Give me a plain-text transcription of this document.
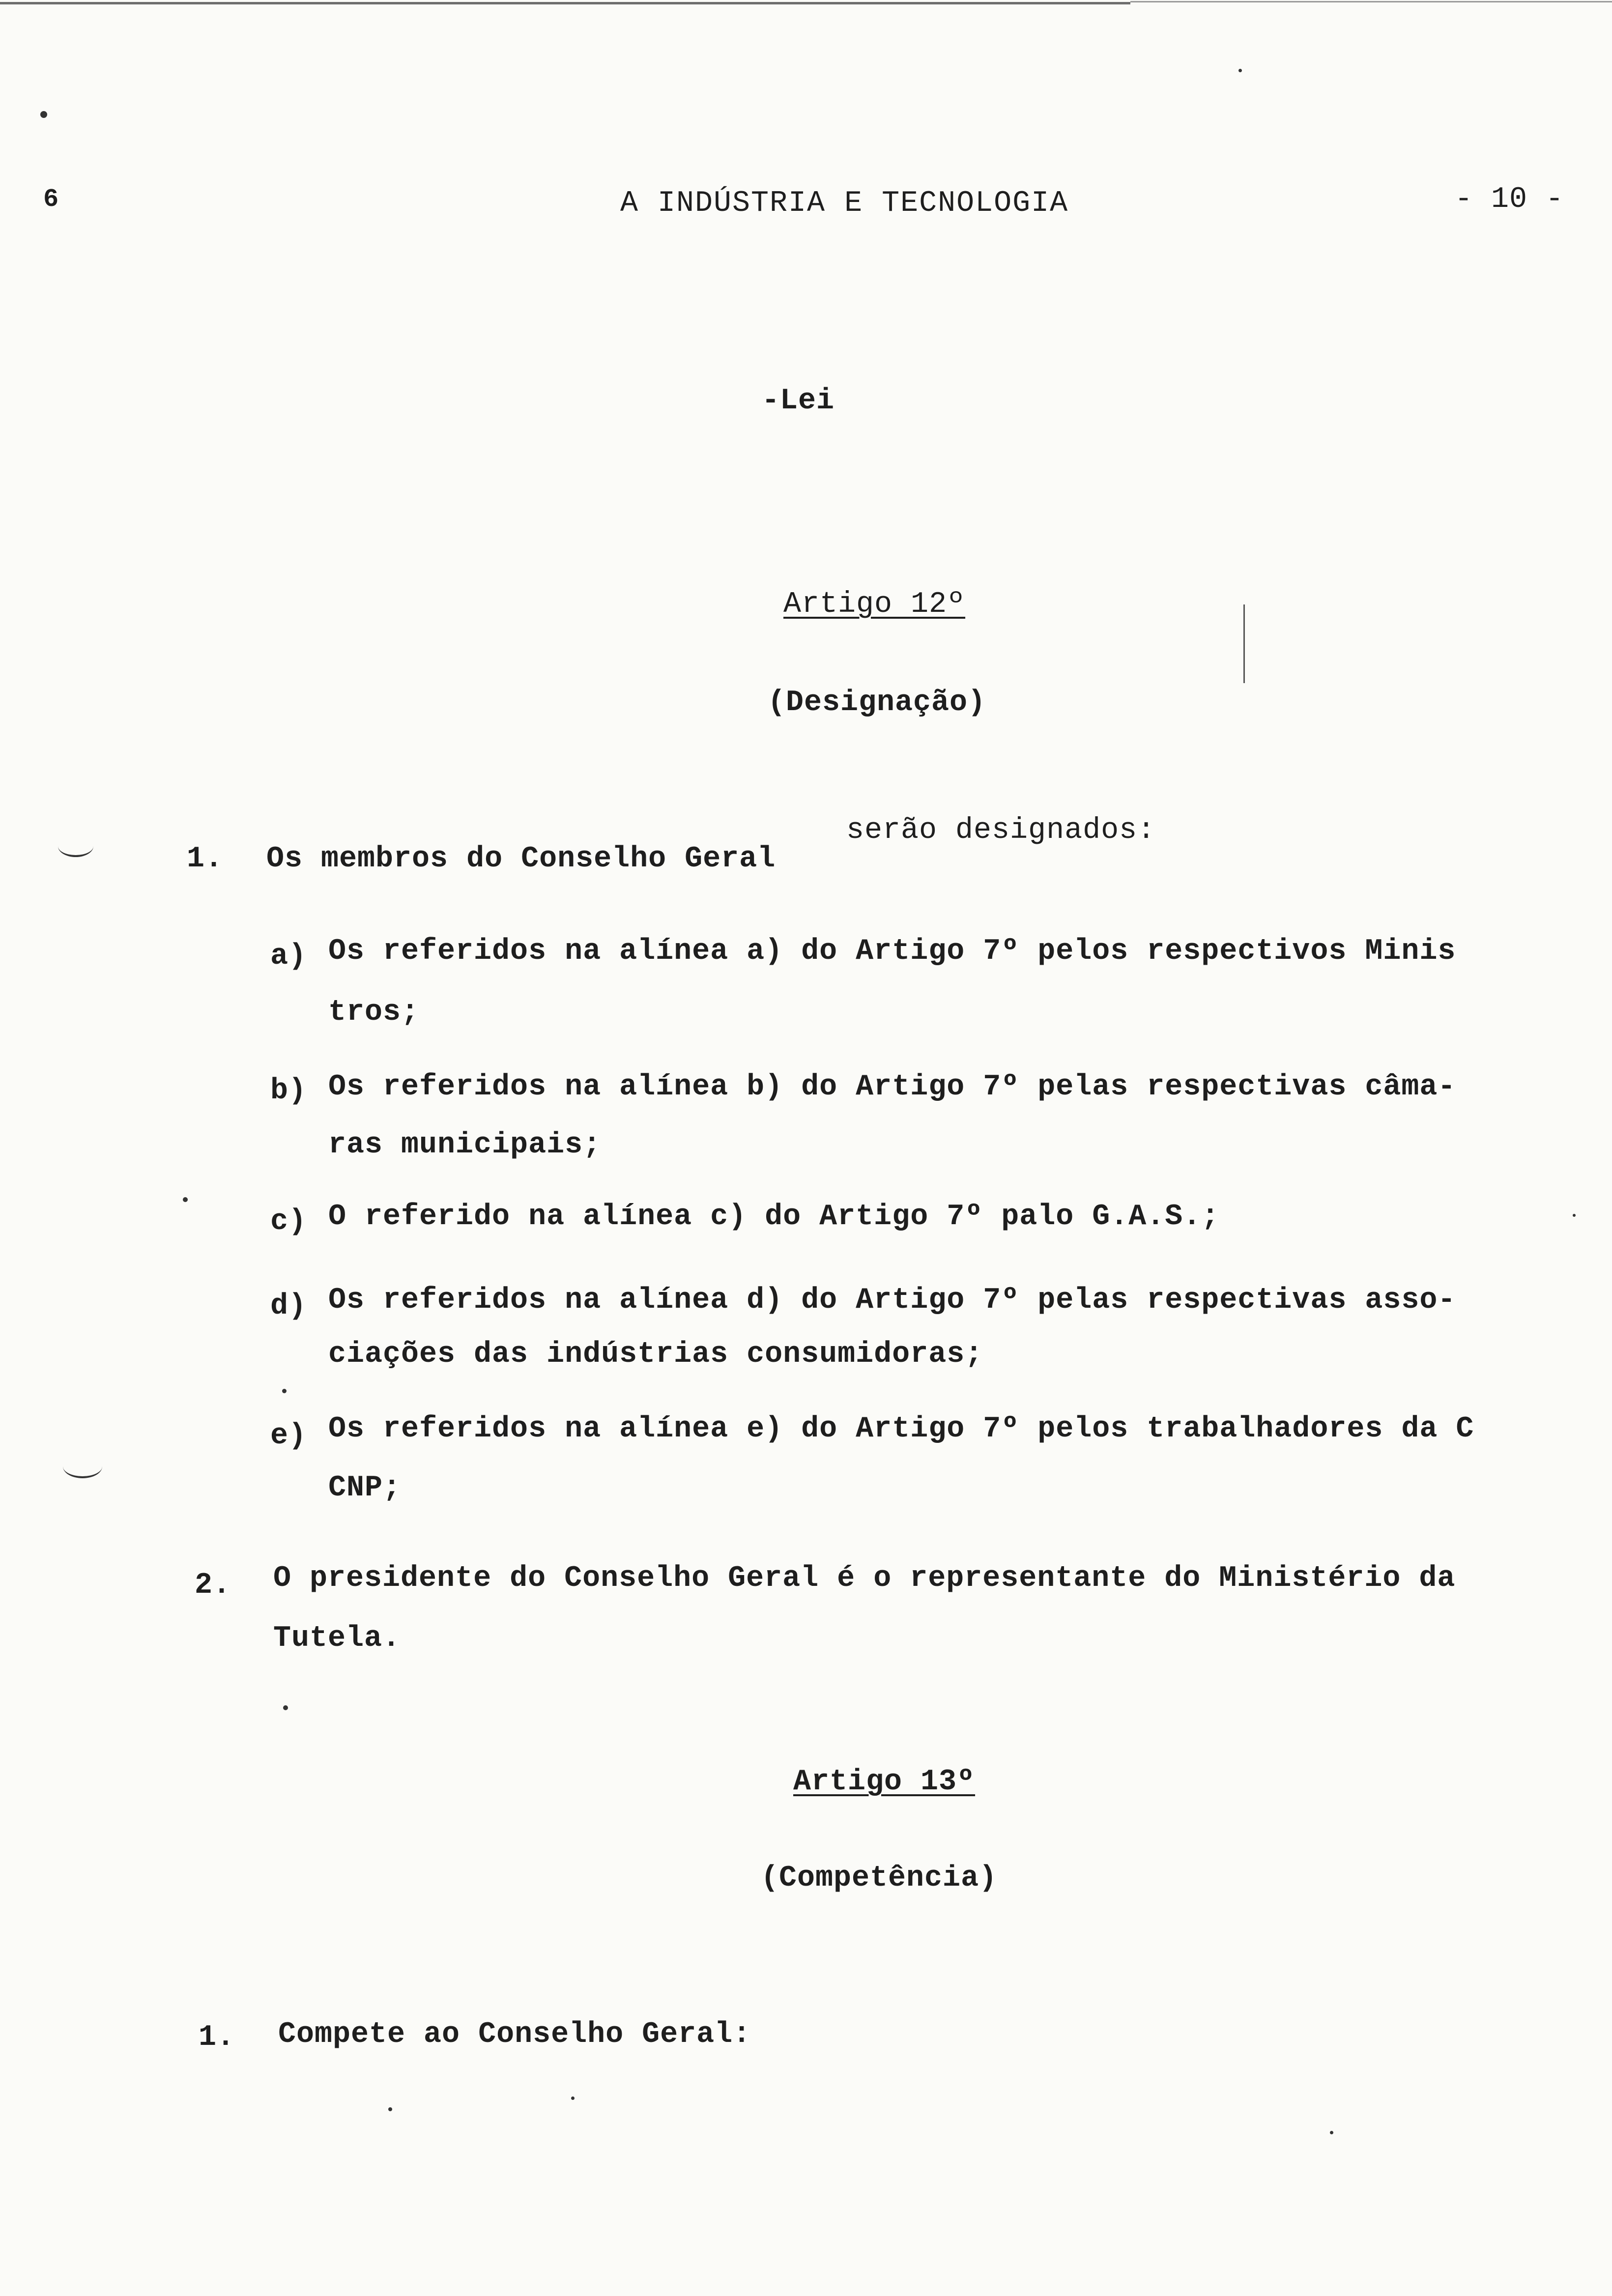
6	A INDÚSTRIA E TECNOLOGIA	- 10 -
-Lei
Artigo 12º
(Designação)
1. Os membros do Conselho Geral
serão designados:
a) Os referidos na alínea a) do Artigo 7º pelos respectivos Minis
tros;
b) Os referidos na alínea b) do Artigo 7º pelas respectivas câma-
ras municipais;
c) O referido na alínea c) do Artigo 7º palo G.A.S.;
d) Os referidos na alínea d) do Artigo 7º pelas respectivas asso-
ciações das indústrias consumidoras;
e) Os referidos na alínea e) do Artigo 7º pelos trabalhadores da C
CNP;
2. O presidente do Conselho Geral é o representante do Ministério da
Tutela.
Artigo 13º
(Competência)
1. Compete ao Conselho Geral:
